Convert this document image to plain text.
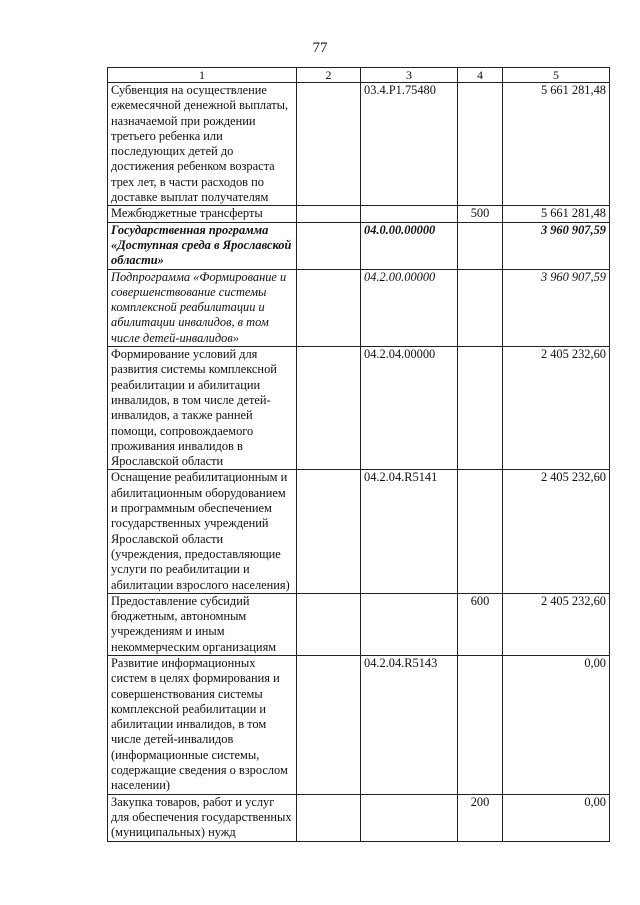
77
1	2	3	4	5
Субвенция на осуществление ежемесячной денежной выплаты, назначаемой при рождении третьего ребенка или последующих детей до достижения ребенком возраста трех лет, в части расходов по доставке выплат получателям		03.4.P1.75480		5 661 281,48
Межбюджетные трансферты			500	5 661 281,48
Государственная программа «Доступная среда в Ярославской области»		04.0.00.00000		3 960 907,59
Подпрограмма «Формирование и совершенствование системы комплексной реабилитации и абилитации инвалидов, в том числе детей-инвалидов»		04.2.00.00000		3 960 907,59
Формирование условий для развития системы комплексной реабилитации и абилитации инвалидов, в том числе детей-инвалидов, а также ранней помощи, сопровождаемого проживания инвалидов в Ярославской области		04.2.04.00000		2 405 232,60
Оснащение реабилитационным и абилитационным оборудованием и программным обеспечением государственных учреждений Ярославской области (учреждения, предоставляющие услуги по реабилитации и абилитации взрослого населения)		04.2.04.R5141		2 405 232,60
Предоставление субсидий бюджетным, автономным учреждениям и иным некоммерческим организациям			600	2 405 232,60
Развитие информационных систем в целях формирования и совершенствования системы комплексной реабилитации и абилитации инвалидов, в том числе детей-инвалидов (информационные системы, содержащие сведения о взрослом населении)		04.2.04.R5143		0,00
Закупка товаров, работ и услуг для обеспечения государственных (муниципальных) нужд			200	0,00
